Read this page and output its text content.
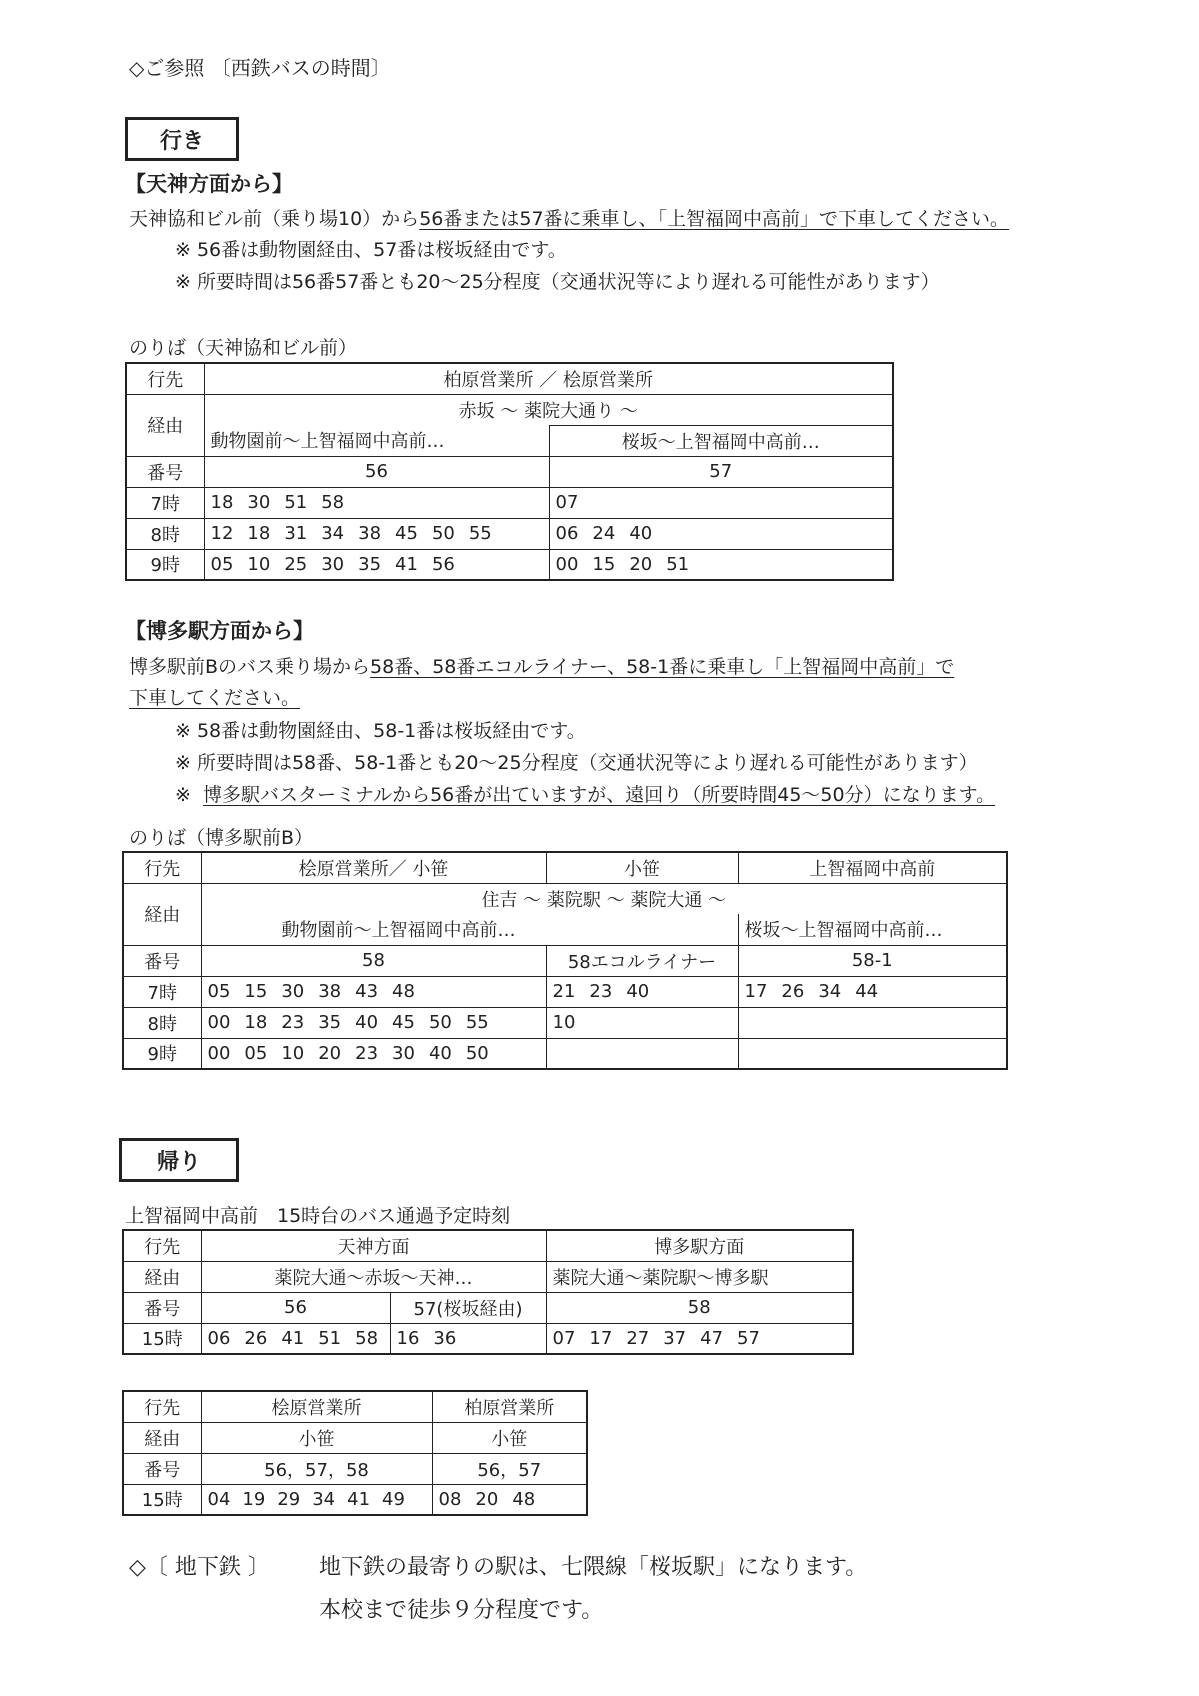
◇ご参照 〔西鉄バスの時間〕
行き
【天神方面から】
天神協和ビル前（乗り場10）から56番または57番に乗車し、「上智福岡中高前」で下車してください。
※ 56番は動物園経由、57番は桜坂経由です。
※ 所要時間は56番57番とも20～25分程度（交通状況等により遅れる可能性があります）
のりば（天神協和ビル前）
行先	柏原営業所 ／ 桧原営業所	
経由	赤坂 〜 薬院大通り 〜	
	動物園前〜上智福岡中高前…	桜坂〜上智福岡中高前…
番号	56	57
7時	18 30 51 58	07
8時	12 18 31 34 38 45 50 55	06 24 40
9時	05 10 25 30 35 41 56	00 15 20 51
【博多駅方面から】
博多駅前Bのバス乗り場から58番、58番エコルライナー、58-1番に乗車し「上智福岡中高前」で
下車してください。
※ 58番は動物園経由、58-1番は桜坂経由です。
※ 所要時間は58番、58-1番とも20～25分程度（交通状況等により遅れる可能性があります）
※ 博多駅バスターミナルから56番が出ていますが、遠回り（所要時間45～50分）になります。
のりば（博多駅前B）
行先	桧原営業所／ 小笹	小笹	上智福岡中高前
経由	住吉 〜 薬院駅 〜 薬院大通 〜		
	動物園前〜上智福岡中高前…		桜坂〜上智福岡中高前…
番号	58	58エコルライナー	58-1
7時	05 15 30 38 43 48	21 23 40	17 26 34 44
8時	00 18 23 35 40 45 50 55	10	
9時	00 05 10 20 23 30 40 50		
帰り
上智福岡中高前　15時台のバス通過予定時刻
行先	天神方面		博多駅方面
経由	薬院大通〜赤坂〜天神…		薬院大通〜薬院駅〜博多駅
番号	56	57(桜坂経由)	58
15時	06 26 41 51 58	16 36	07 17 27 37 47 57
行先	桧原営業所	柏原営業所
経由	小笹	小笹
番号	56，57，58	56，57
15時	04 19 29 34 41 49	08 20 48
◇〔 地下鉄 〕 地下鉄の最寄りの駅は、七隈線「桜坂駅」になります。
本校まで徒歩９分程度です。
